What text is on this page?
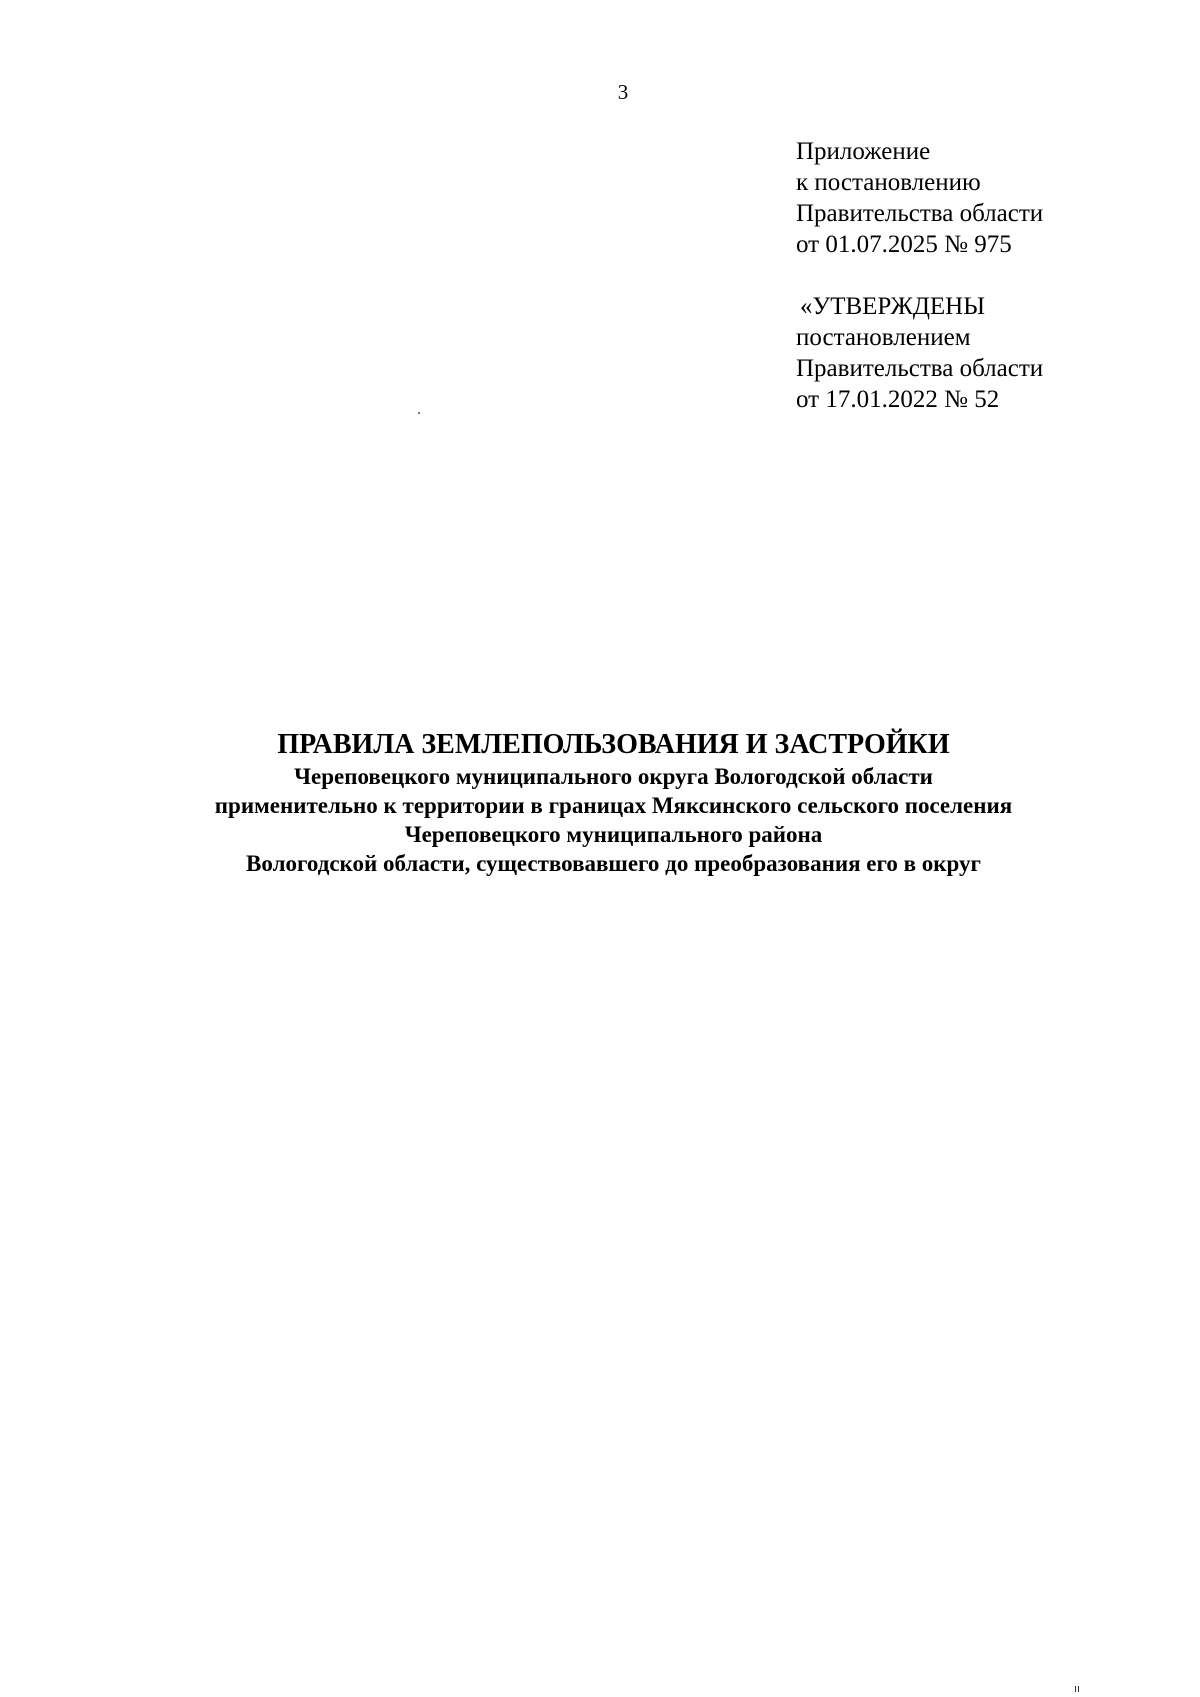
3
Приложение
к постановлению
Правительства области
от 01.07.2025 № 975
«УТВЕРЖДЕНЫ
постановлением
Правительства области
от 17.01.2022 № 52
ПРАВИЛА ЗЕМЛЕПОЛЬЗОВАНИЯ И ЗАСТРОЙКИ
Череповецкого муниципального округа Вологодской области
применительно к территории в границах Мяксинского сельского поселения
Череповецкого муниципального района
Вологодской области, существовавшего до преобразования его в округ
